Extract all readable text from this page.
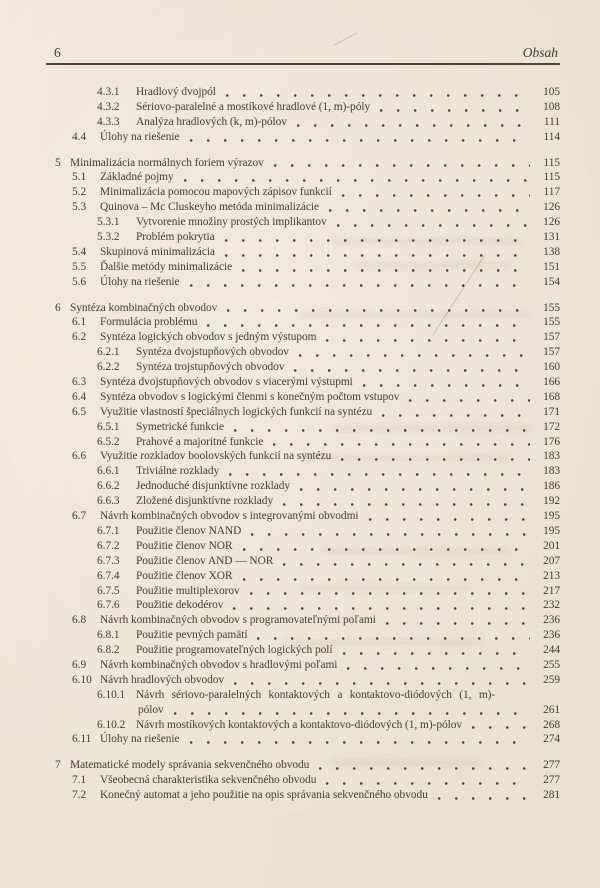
6	Obsah
4.3.1	Hradlový dvojpól	105
4.3.2	Sériovo-paralelné a mostíkové hradlové (1, m)-póly	108
4.3.3	Analýza hradlových (k, m)-pólov	111
4.4	Úlohy na riešenie	114
5 Minimalizácia normálnych foriem výrazov	115
5.1	Základné pojmy	115
5.2	Minimalizácia pomocou mapových zápisov funkcií	117
5.3	Quinova – Mc Cluskeyho metóda minimalizácie	126
5.3.1	Vytvorenie množiny prostých implikantov	126
5.3.2	Problém pokrytia	131
5.4	Skupinová minimalizácia	138
5.5	Ďalšie metódy minimalizácie	151
5.6	Úlohy na riešenie	154
6 Syntéza kombinačných obvodov	155
6.1	Formulácia problému	155
6.2	Syntéza logických obvodov s jedným výstupom	157
6.2.1	Syntéza dvojstupňových obvodov	157
6.2.2	Syntéza trojstupňových obvodov	160
6.3	Syntéza dvojstupňových obvodov s viacerými výstupmi	166
6.4	Syntéza obvodov s logickými členmi s konečným počtom vstupov	168
6.5	Využitie vlastností špeciálnych logických funkcií na syntézu	171
6.5.1	Symetrické funkcie	172
6.5.2	Prahové a majoritné funkcie	176
6.6	Využitie rozkladov boolovských funkcií na syntézu	183
6.6.1	Triviálne rozklady	183
6.6.2	Jednoduché disjunktívne rozklady	186
6.6.3	Zložené disjunktívne rozklady	192
6.7	Návrh kombinačných obvodov s integrovanými obvodmi	195
6.7.1	Použitie členov NAND	195
6.7.2	Použitie členov NOR	201
6.7.3	Použitie členov AND — NOR	207
6.7.4	Použitie členov XOR	213
6.7.5	Použitie multiplexorov	217
6.7.6	Použitie dekodérov	232
6.8	Návrh kombinačných obvodov s programovateľnými poľami	236
6.8.1	Použitie pevných pamätí	236
6.8.2	Použitie programovateľných logických polí	244
6.9	Návrh kombinačných obvodov s hradlovými poľami	255
6.10 Návrh hradlových obvodov	259
6.10.1 Návrh sériovo-paralelných kontaktových a kontaktovo-diódových (1, m)-
pólov	261
6.10.2 Návrh mostíkových kontaktových a kontaktovo-diódových (1, m)-pólov	268
6.11 Úlohy na riešenie	274
7 Matematické modely správania sekvenčného obvodu	277
7.1	Všeobecná charakteristika sekvenčného obvodu	277
7.2	Konečný automat a jeho použitie na opis správania sekvenčného obvodu	281
